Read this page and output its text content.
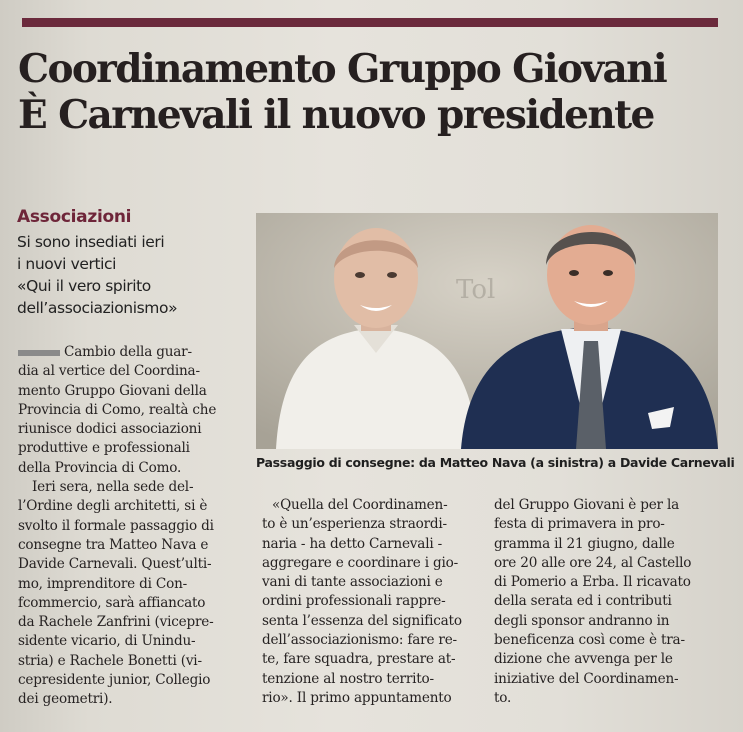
Coordinamento Gruppo Giovani
È Carnevali il nuovo presidente
Associazioni
Si sono insediati ieri
i nuovi vertici
«Qui il vero spirito
dell’associazionismo»
Tol
Passaggio di consegne: da Matteo Nava (a sinistra) a Davide Carnevali
Cambio della guar-
dia al vertice del Coordina-
mento Gruppo Giovani della
Provincia di Como, realtà che
riunisce dodici associazioni
produttive e professionali
della Provincia di Como.
Ieri sera, nella sede del-
l’Ordine degli architetti, si è
svolto il formale passaggio di
consegne tra Matteo Nava e
Davide Carnevali. Quest’ulti-
mo, imprenditore di Con-
fcommercio, sarà affiancato
da Rachele Zanfrini (vicepre-
sidente vicario, di Unindu-
stria) e Rachele Bonetti (vi-
cepresidente junior, Collegio
dei geometri).
«Quella del Coordinamen-
to è un’esperienza straordi-
naria - ha detto Carnevali -
aggregare e coordinare i gio-
vani di tante associazioni e
ordini professionali rappre-
senta l’essenza del significato
dell’associazionismo: fare re-
te, fare squadra, prestare at-
tenzione al nostro territo-
rio». Il primo appuntamento
del Gruppo Giovani è per la
festa di primavera in pro-
gramma il 21 giugno, dalle
ore 20 alle ore 24, al Castello
di Pomerio a Erba. Il ricavato
della serata ed i contributi
degli sponsor andranno in
beneficenza così come è tra-
dizione che avvenga per le
iniziative del Coordinamen-
to.
